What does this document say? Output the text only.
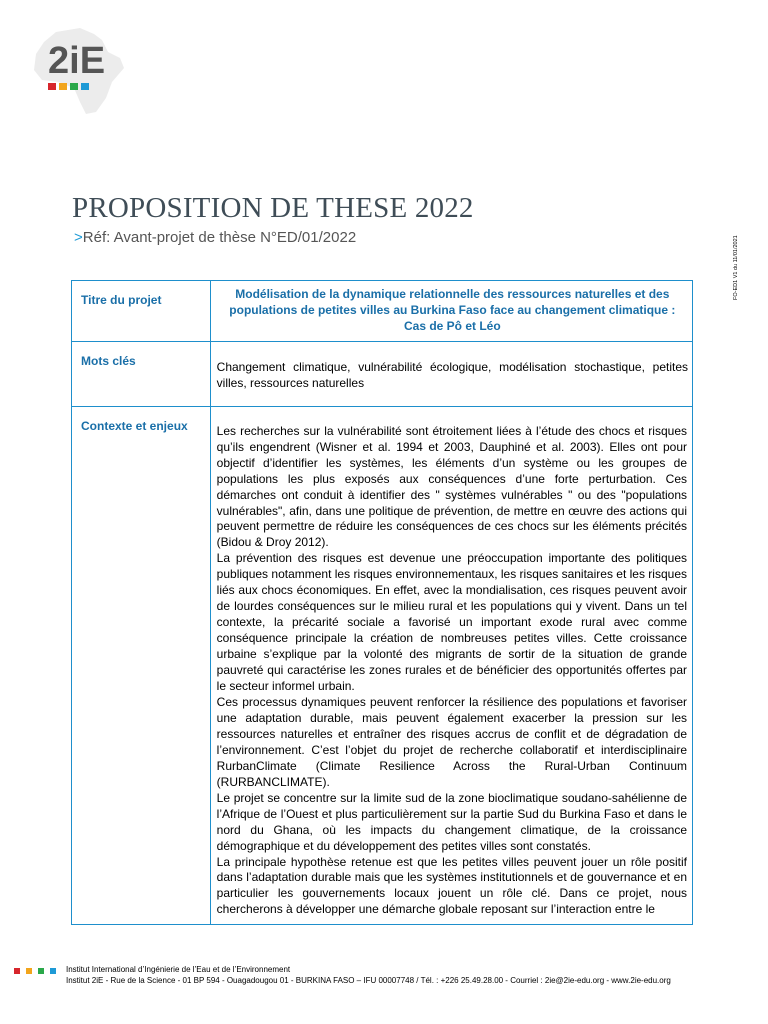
2iE
PROPOSITION DE THESE 2022
>Réf: Avant-projet de thèse N°ED/01/2022	FO-ED1 V1 du 11/01/2021
Titre du projet	Modélisation de la dynamique relationnelle des ressources naturelles et des populations de petites villes au Burkina Faso face au changement climatique : Cas de Pô et Léo

Mots clés	Changement climatique, vulnérabilité écologique, modélisation stochastique, petites villes, ressources naturelles

Contexte et enjeux	Les recherches sur la vulnérabilité sont étroitement liées à l’étude des chocs et risques qu’ils engendrent (Wisner et al. 1994 et 2003, Dauphiné et al. 2003). Elles ont pour objectif d’identifier les systèmes, les éléments d’un système ou les groupes de populations les plus exposés aux conséquences d’une forte perturbation. Ces démarches ont conduit à identifier des " systèmes vulnérables " ou des "populations vulnérables", afin, dans une politique de prévention, de mettre en œuvre des actions qui peuvent permettre de réduire les conséquences de ces chocs sur les éléments précités (Bidou & Droy 2012).

La prévention des risques est devenue une préoccupation importante des politiques publiques notamment les risques environnementaux, les risques sanitaires et les risques liés aux chocs économiques. En effet, avec la mondialisation, ces risques peuvent avoir de lourdes conséquences sur le milieu rural et les populations qui y vivent. Dans un tel contexte, la précarité sociale a favorisé un important exode rural avec comme conséquence principale la création de nombreuses petites villes. Cette croissance urbaine s’explique par la volonté des migrants de sortir de la situation de grande pauvreté qui caractérise les zones rurales et de bénéficier des opportunités offertes par le secteur informel urbain.

Ces processus dynamiques peuvent renforcer la résilience des populations et favoriser une adaptation durable, mais peuvent également exacerber la pression sur les ressources naturelles et entraîner des risques accrus de conflit et de dégradation de l’environnement. C’est l’objet du projet de recherche collaboratif et interdisciplinaire RurbanClimate (Climate Resilience Across the Rural-Urban Continuum (RURBANCLIMATE).

Le projet se concentre sur la limite sud de la zone bioclimatique soudano-sahélienne de l’Afrique de l’Ouest et plus particulièrement sur la partie Sud du Burkina Faso et dans le nord du Ghana, où les impacts du changement climatique, de la croissance démographique et du développement des petites villes sont constatés.

La principale hypothèse retenue est que les petites villes peuvent jouer un rôle positif dans l’adaptation durable mais que les systèmes institutionnels et de gouvernance et en particulier les gouvernements locaux jouent un rôle clé. Dans ce projet, nous chercherons à développer une démarche globale reposant sur l’interaction entre le

Institut International d’Ingénierie de l’Eau et de l’Environnement
Institut 2iE - Rue de la Science - 01 BP 594 - Ouagadougou 01 - BURKINA FASO – IFU 00007748 / Tél. : +226 25.49.28.00 - Courriel : 2ie@2ie-edu.org - www.2ie-edu.org
